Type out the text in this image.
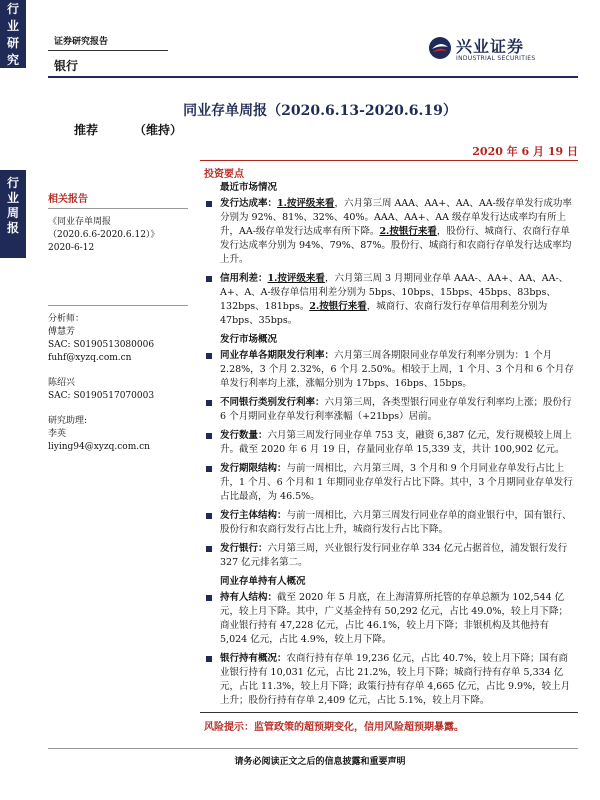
行
业
研
究
行
业
周
报
证券研究报告
银行
兴业证券
INDUSTRIAL SECURITIES
同业存单周报（2020.6.13-2020.6.19）
推荐	（维持）
2020 年 6 月 19 日
投资要点
相关报告

《同业存单周报

（2020.6.6-2020.6.12）》

2020-6-12

分析师：

傅慧芳

SAC: S0190513080006

fuhf@xyzq.com.cn

陈绍兴

SAC: S0190517070003

研究助理:

李英

liying94@xyzq.com.cn

最近市场情况
发行达成率：1.按评级来看，六月第三周 AAA、AA+、AA、AA-级存单发行成功率分别为 92%、81%、32%、40%。AAA、AA+、AA 级存单发行达成率均有所上升，AA-级存单发行达成率有所下降。2.按银行来看，股份行、城商行、农商行存单发行达成率分别为 94%、79%、87%。股份行、城商行和农商行存单发行达成率均上升。
信用利差：1.按评级来看，六月第三周 3 月期同业存单 AAA-、AA+、AA、AA-、A+、A、A-级存单信用利差分别为 5bps、10bps、15bps、45bps、83bps、132bps、181bps。2.按银行来看，城商行、农商行发行存单信用利差分别为 47bps、35bps。
发行市场概况
同业存单各期限发行利率：六月第三周各期限同业存单发行利率分别为：1 个月 2.28%，3 个月 2.32%，6 个月 2.50%。相较于上周，1 个月、3 个月和 6 个月存单发行利率均上涨，涨幅分别为 17bps、16bps、15bps。
不同银行类别发行利率：六月第三周，各类型银行同业存单发行利率均上涨；股份行 6 个月期同业存单发行利率涨幅（+21bps）居前。
发行数量：六月第三周发行同业存单 753 支，融资 6,387 亿元，发行规模较上周上升。截至 2020 年 6 月 19 日，存量同业存单 15,339 支，共计 100,902 亿元。
发行期限结构：与前一周相比，六月第三周，3 个月和 9 个月同业存单发行占比上升，1 个月、6 个月和 1 年期同业存单发行占比下降。其中，3 个月期同业存单发行占比最高，为 46.5%。
发行主体结构：与前一周相比，六月第三周发行同业存单的商业银行中，国有银行、股份行和农商行发行占比上升，城商行发行占比下降。
发行银行：六月第三周，兴业银行发行同业存单 334 亿元占据首位，浦发银行发行 327 亿元排名第二。
同业存单持有人概况
持有人结构：截至 2020 年 5 月底，在上海清算所托管的存单总额为 102,544 亿元，较上月下降。其中，广义基金持有 50,292 亿元，占比 49.0%，较上月下降；商业银行持有 47,228 亿元，占比 46.1%，较上月下降；非银机构及其他持有 5,024 亿元，占比 4.9%，较上月下降。
银行持有概况：农商行持有存单 19,236 亿元，占比 40.7%，较上月下降；国有商业银行持有 10,031 亿元，占比 21.2%，较上月下降；城商行持有存单 5,334 亿元，占比 11.3%，较上月下降；政策行持有存单 4,665 亿元，占比 9.9%，较上月上升；股份行持有存单 2,409 亿元，占比 5.1%，较上月下降。
风险提示：监管政策的超预期变化，信用风险超预期暴露。
请务必阅读正文之后的信息披露和重要声明
